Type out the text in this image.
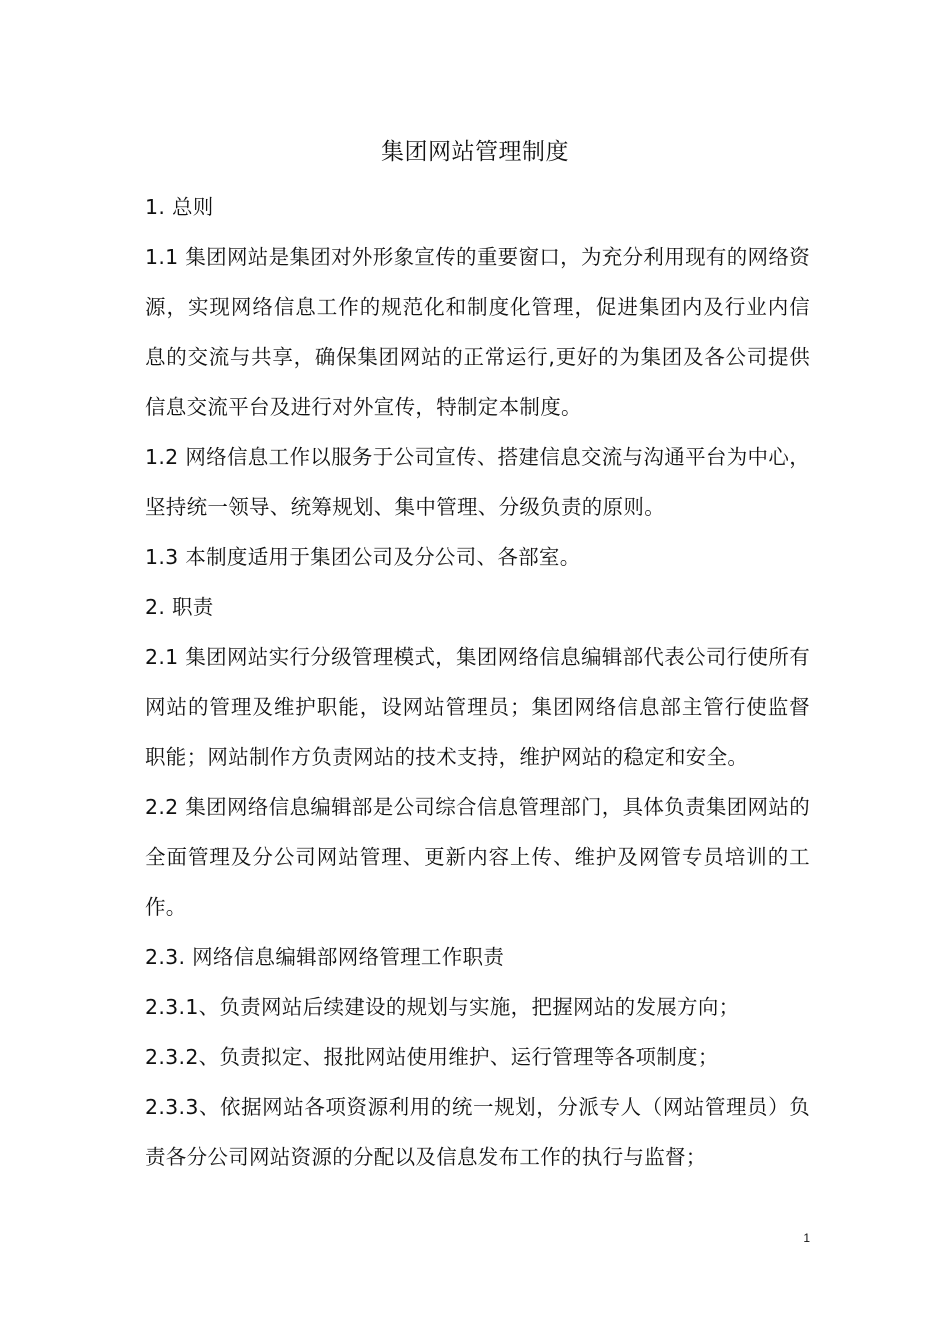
集团网站管理制度

1. 总则

1.1 集团网站是集团对外形象宣传的重要窗口，为充分利用现有的网络资源，实现网络信息工作的规范化和制度化管理，促进集团内及行业内信息的交流与共享，确保集团网站的正常运行,更好的为集团及各公司提供信息交流平台及进行对外宣传，特制定本制度。

1.2 网络信息工作以服务于公司宣传、搭建信息交流与沟通平台为中心，坚持统一领导、统筹规划、集中管理、分级负责的原则。

1.3 本制度适用于集团公司及分公司、各部室。

2. 职责

2.1 集团网站实行分级管理模式，集团网络信息编辑部代表公司行使所有网站的管理及维护职能，设网站管理员；集团网络信息部主管行使监督职能；网站制作方负责网站的技术支持，维护网站的稳定和安全。

2.2 集团网络信息编辑部是公司综合信息管理部门，具体负责集团网站的全面管理及分公司网站管理、更新内容上传、维护及网管专员培训的工作。

2.3. 网络信息编辑部网络管理工作职责

2.3.1、负责网站后续建设的规划与实施，把握网站的发展方向；

2.3.2、负责拟定、报批网站使用维护、运行管理等各项制度；

2.3.3、依据网站各项资源利用的统一规划，分派专人（网站管理员）负责各分公司网站资源的分配以及信息发布工作的执行与监督；

1
